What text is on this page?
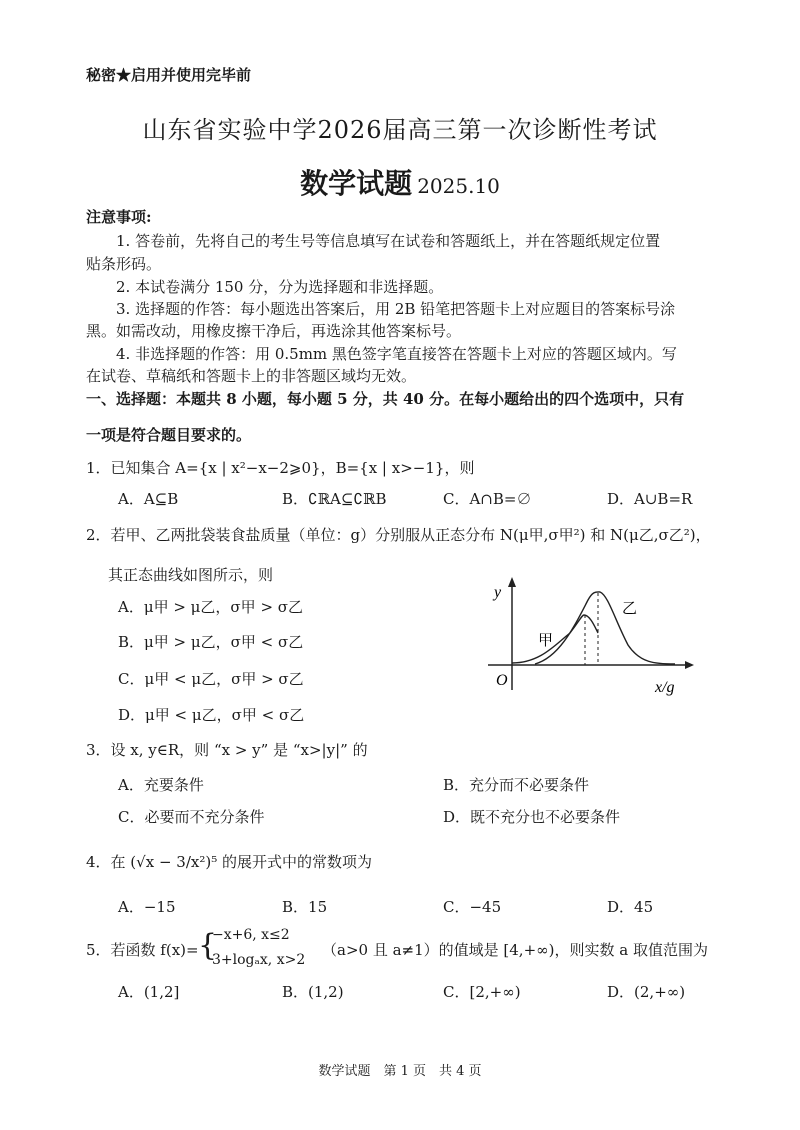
秘密★启用并使用完毕前
山东省实验中学2026届高三第一次诊断性考试
数学试题 2025.10
注意事项:
1. 答卷前，先将自己的考生号等信息填写在试卷和答题纸上，并在答题纸规定位置
贴条形码。
2. 本试卷满分 150 分，分为选择题和非选择题。
3. 选择题的作答：每小题选出答案后，用 2B 铅笔把答题卡上对应题目的答案标号涂
黑。如需改动，用橡皮擦干净后，再选涂其他答案标号。
4. 非选择题的作答：用 0.5mm 黑色签字笔直接答在答题卡上对应的答题区域内。写
在试卷、草稿纸和答题卡上的非答题区域均无效。
一、选择题：本题共 8 小题，每小题 5 分，共 40 分。在每小题给出的四个选项中，只有
一项是符合题目要求的。
1．已知集合 A={x | x²−x−2⩾0}，B={x | x>−1}，则
A．A⊆B	B．∁ℝA⊆∁ℝB	C．A∩B=∅	D．A∪B=R
2．若甲、乙两批袋装食盐质量（单位：g）分别服从正态分布 N(μ甲,σ甲²) 和 N(μ乙,σ乙²)，
其正态曲线如图所示，则
A．μ甲 > μ乙，σ甲 > σ乙
B．μ甲 > μ乙，σ甲 < σ乙
C．μ甲 < μ乙，σ甲 > σ乙
D．μ甲 < μ乙，σ甲 < σ乙
y
O	x/g
甲
乙
3．设 x, y∈R，则 “x > y” 是 “x>|y|” 的
A．充要条件	B．充分而不必要条件
C．必要而不充分条件	D．既不充分也不必要条件
4．在 (√x − 3/x²)⁵ 的展开式中的常数项为
A．−15	B．15	C．−45	D．45
5．若函数 f(x)= {
−x+6, x≤2
3+logₐx, x>2
（a>0 且 a≠1）的值域是 [4,+∞)，则实数 a 取值范围为
A．(1,2]	B．(1,2)	C．[2,+∞)	D．(2,+∞)
数学试题　第 1 页　共 4 页
